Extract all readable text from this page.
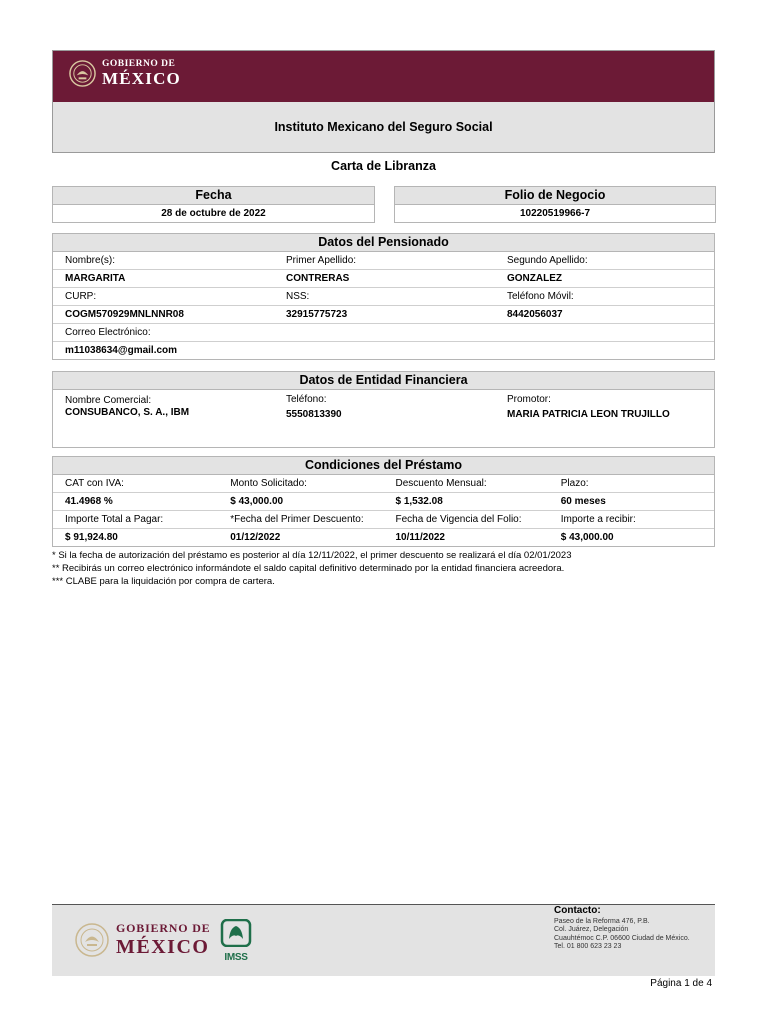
GOBIERNO DE
MÉXICO
Instituto Mexicano del Seguro Social
Carta de Libranza
Fecha
28 de octubre de 2022
Folio de Negocio
10220519966-7
Datos del Pensionado
Nombre(s):	Primer Apellido:	Segundo Apellido:
MARGARITA	CONTRERAS	GONZALEZ
CURP:	NSS:	Teléfono Móvil:
COGM570929MNLNNR08	32915775723	8442056037
Correo Electrónico:
m11038634@gmail.com
Datos de Entidad Financiera
Nombre Comercial:	Teléfono:	Promotor:
CONSUBANCO, S. A., IBM	5550813390	MARIA PATRICIA LEON TRUJILLO
Condiciones del Préstamo
CAT con IVA:	Monto Solicitado:	Descuento Mensual:	Plazo:
41.4968 %	$ 43,000.00	$ 1,532.08	60 meses
Importe Total a Pagar:	*Fecha del Primer Descuento:	Fecha de Vigencia del Folio:	Importe a recibir:
$ 91,924.80	01/12/2022	10/11/2022	$ 43,000.00
* Si la fecha de autorización del préstamo es posterior al día 12/11/2022, el primer descuento se realizará el día 02/01/2023
** Recibirás un correo electrónico informándote el saldo capital definitivo determinado por la entidad financiera acreedora.
*** CLABE para la liquidación por compra de cartera.
GOBIERNO DE
MÉXICO	IMSS
Contacto:
Paseo de la Reforma 476, P.B.
Col. Juárez, Delegación
Cuauhtémoc C.P. 06600 Ciudad de México.
Tel. 01 800 623 23 23
Página 1 de 4
